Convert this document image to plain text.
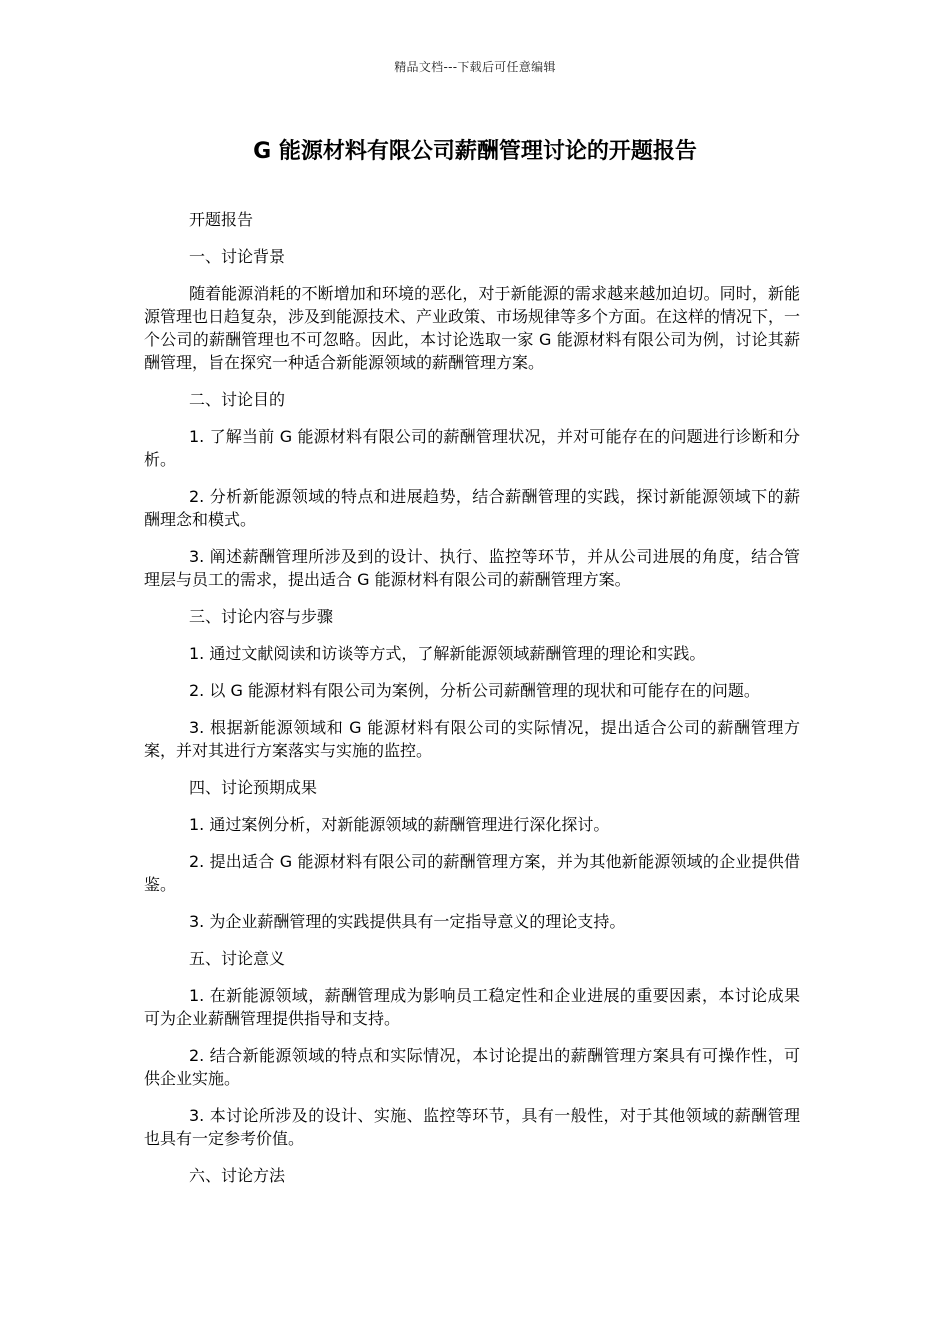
精品文档---下载后可任意编辑
G 能源材料有限公司薪酬管理讨论的开题报告

开题报告

一、讨论背景

随着能源消耗的不断增加和环境的恶化，对于新能源的需求越来越加迫切。同时，新能源管理也日趋复杂，涉及到能源技术、产业政策、市场规律等多个方面。在这样的情况下，一个公司的薪酬管理也不可忽略。因此，本讨论选取一家 G 能源材料有限公司为例，讨论其薪酬管理，旨在探究一种适合新能源领域的薪酬管理方案。

二、讨论目的

1. 了解当前 G 能源材料有限公司的薪酬管理状况，并对可能存在的问题进行诊断和分析。

2. 分析新能源领域的特点和进展趋势，结合薪酬管理的实践，探讨新能源领域下的薪酬理念和模式。

3. 阐述薪酬管理所涉及到的设计、执行、监控等环节，并从公司进展的角度，结合管理层与员工的需求，提出适合 G 能源材料有限公司的薪酬管理方案。

三、讨论内容与步骤

1. 通过文献阅读和访谈等方式，了解新能源领域薪酬管理的理论和实践。

2. 以 G 能源材料有限公司为案例，分析公司薪酬管理的现状和可能存在的问题。

3. 根据新能源领域和 G 能源材料有限公司的实际情况，提出适合公司的薪酬管理方案，并对其进行方案落实与实施的监控。

四、讨论预期成果

1. 通过案例分析，对新能源领域的薪酬管理进行深化探讨。

2. 提出适合 G 能源材料有限公司的薪酬管理方案，并为其他新能源领域的企业提供借鉴。

3. 为企业薪酬管理的实践提供具有一定指导意义的理论支持。

五、讨论意义

1. 在新能源领域，薪酬管理成为影响员工稳定性和企业进展的重要因素，本讨论成果可为企业薪酬管理提供指导和支持。

2. 结合新能源领域的特点和实际情况，本讨论提出的薪酬管理方案具有可操作性，可供企业实施。

3. 本讨论所涉及的设计、实施、监控等环节，具有一般性，对于其他领域的薪酬管理也具有一定参考价值。

六、讨论方法
